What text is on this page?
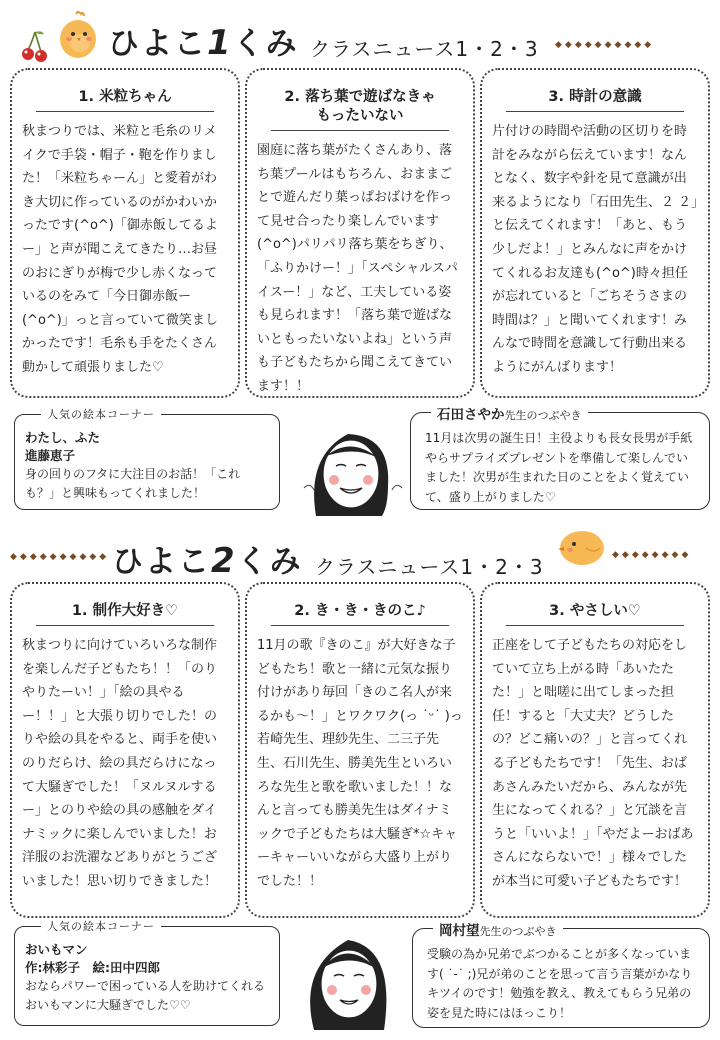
ひよこ1くみ クラスニュース1・2・3 ◆◆◆◆◆◆◆◆◆◆
1. 米粒ちゃん
秋まつりでは、米粒と毛糸のリメイクで手袋・帽子・鞄を作りました！「米粒ちゃーん」と愛着がわき大切に作っているのがかわいかったです(^o^)「御赤飯してるよー」と声が聞こえてきたり…お昼のおにぎりが梅で少し赤くなっているのをみて「今日御赤飯ー(^o^)」っと言っていて微笑ましかったです！毛糸も手をたくさん動かして頑張りました♡
2. 落ち葉で遊ばなきゃ
もったいない
園庭に落ち葉がたくさんあり、落ち葉プールはもちろん、おままごとで遊んだり葉っぱおばけを作って見せ合ったり楽しんでいます(^o^)パリパリ落ち葉をちぎり、「ふりかけー！」「スペシャルスパイスー！」など、工夫している姿も見られます！「落ち葉で遊ばないともったいないよね」という声も子どもたちから聞こえてきています！！
3. 時計の意識
片付けの時間や活動の区切りを時計をみながら伝えています！なんとなく、数字や針を見て意識が出来るようになり「石田先生、２ ２」と伝えてくれます！「あと、もう少しだよ！」とみんなに声をかけてくれるお友達も(^o^)時々担任が忘れていると「ごちそうさまの時間は？」と聞いてくれます！みんなで時間を意識して行動出来るようにがんばります！
人気の絵本コーナー
わたし、ふた
進藤恵子
身の回りのフタに大注目のお話！「これも？」と興味もってくれました！
石田さやか先生のつぶやき
11月は次男の誕生日！主役よりも長女長男が手紙やらサプライズプレゼントを準備して楽しんでいました！次男が生まれた日のことをよく覚えていて、盛り上がりました♡
◆◆◆◆◆◆◆◆◆◆ ひよこ2くみ クラスニュース1・2・3	◆◆◆◆◆◆◆◆
1. 制作大好き♡
秋まつりに向けていろいろな制作を楽しんだ子どもたち！！「のりやりたーい！」「絵の具やるー！！」と大張り切りでした！のりや絵の具をやると、両手を使いのりだらけ、絵の具だらけになって大騒ぎでした！「ヌルヌルするー」とのりや絵の具の感触をダイナミックに楽しんでいました！お洋服のお洗濯などありがとうございました！思い切りできました！
2. き・き・きのこ♪
11月の歌『きのこ』が大好きな子どもたち！歌と一緒に元気な振り付けがあり毎回「きのこ名人が来るかも～！」とワクワク(っ ˙ᵕ˙ )っ若崎先生、理紗先生、二三子先生、石川先生、勝美先生といろいろな先生と歌を歌いました！！なんと言っても勝美先生はダイナミックで子どもたちは大騒ぎ*☆キャーキャーいいながら大盛り上がりでした！！
3. やさしい♡
正座をして子どもたちの対応をしていて立ち上がる時「あいたたた！」と咄嗟に出てしまった担任！すると「大丈夫？どうしたの？どこ痛いの？」と言ってくれる子どもたちです！「先生、おばあさんみたいだから、みんなが先生になってくれる？」と冗談を言うと「いいよ！」「やだよーおばあさんにならないで！」様々でしたが本当に可愛い子どもたちです！
人気の絵本コーナー
おいもマン
作:林彩子　絵:田中四郎
おならパワーで困っている人を助けてくれるおいもマンに大騒ぎでした♡♡
岡村望先生のつぶやき
受験の為か兄弟でぶつかることが多くなっています( ˙-˙ ;)兄が弟のことを思って言う言葉がかなりキツイのです！勉強を教え、教えてもらう兄弟の姿を見た時にはほっこり！
